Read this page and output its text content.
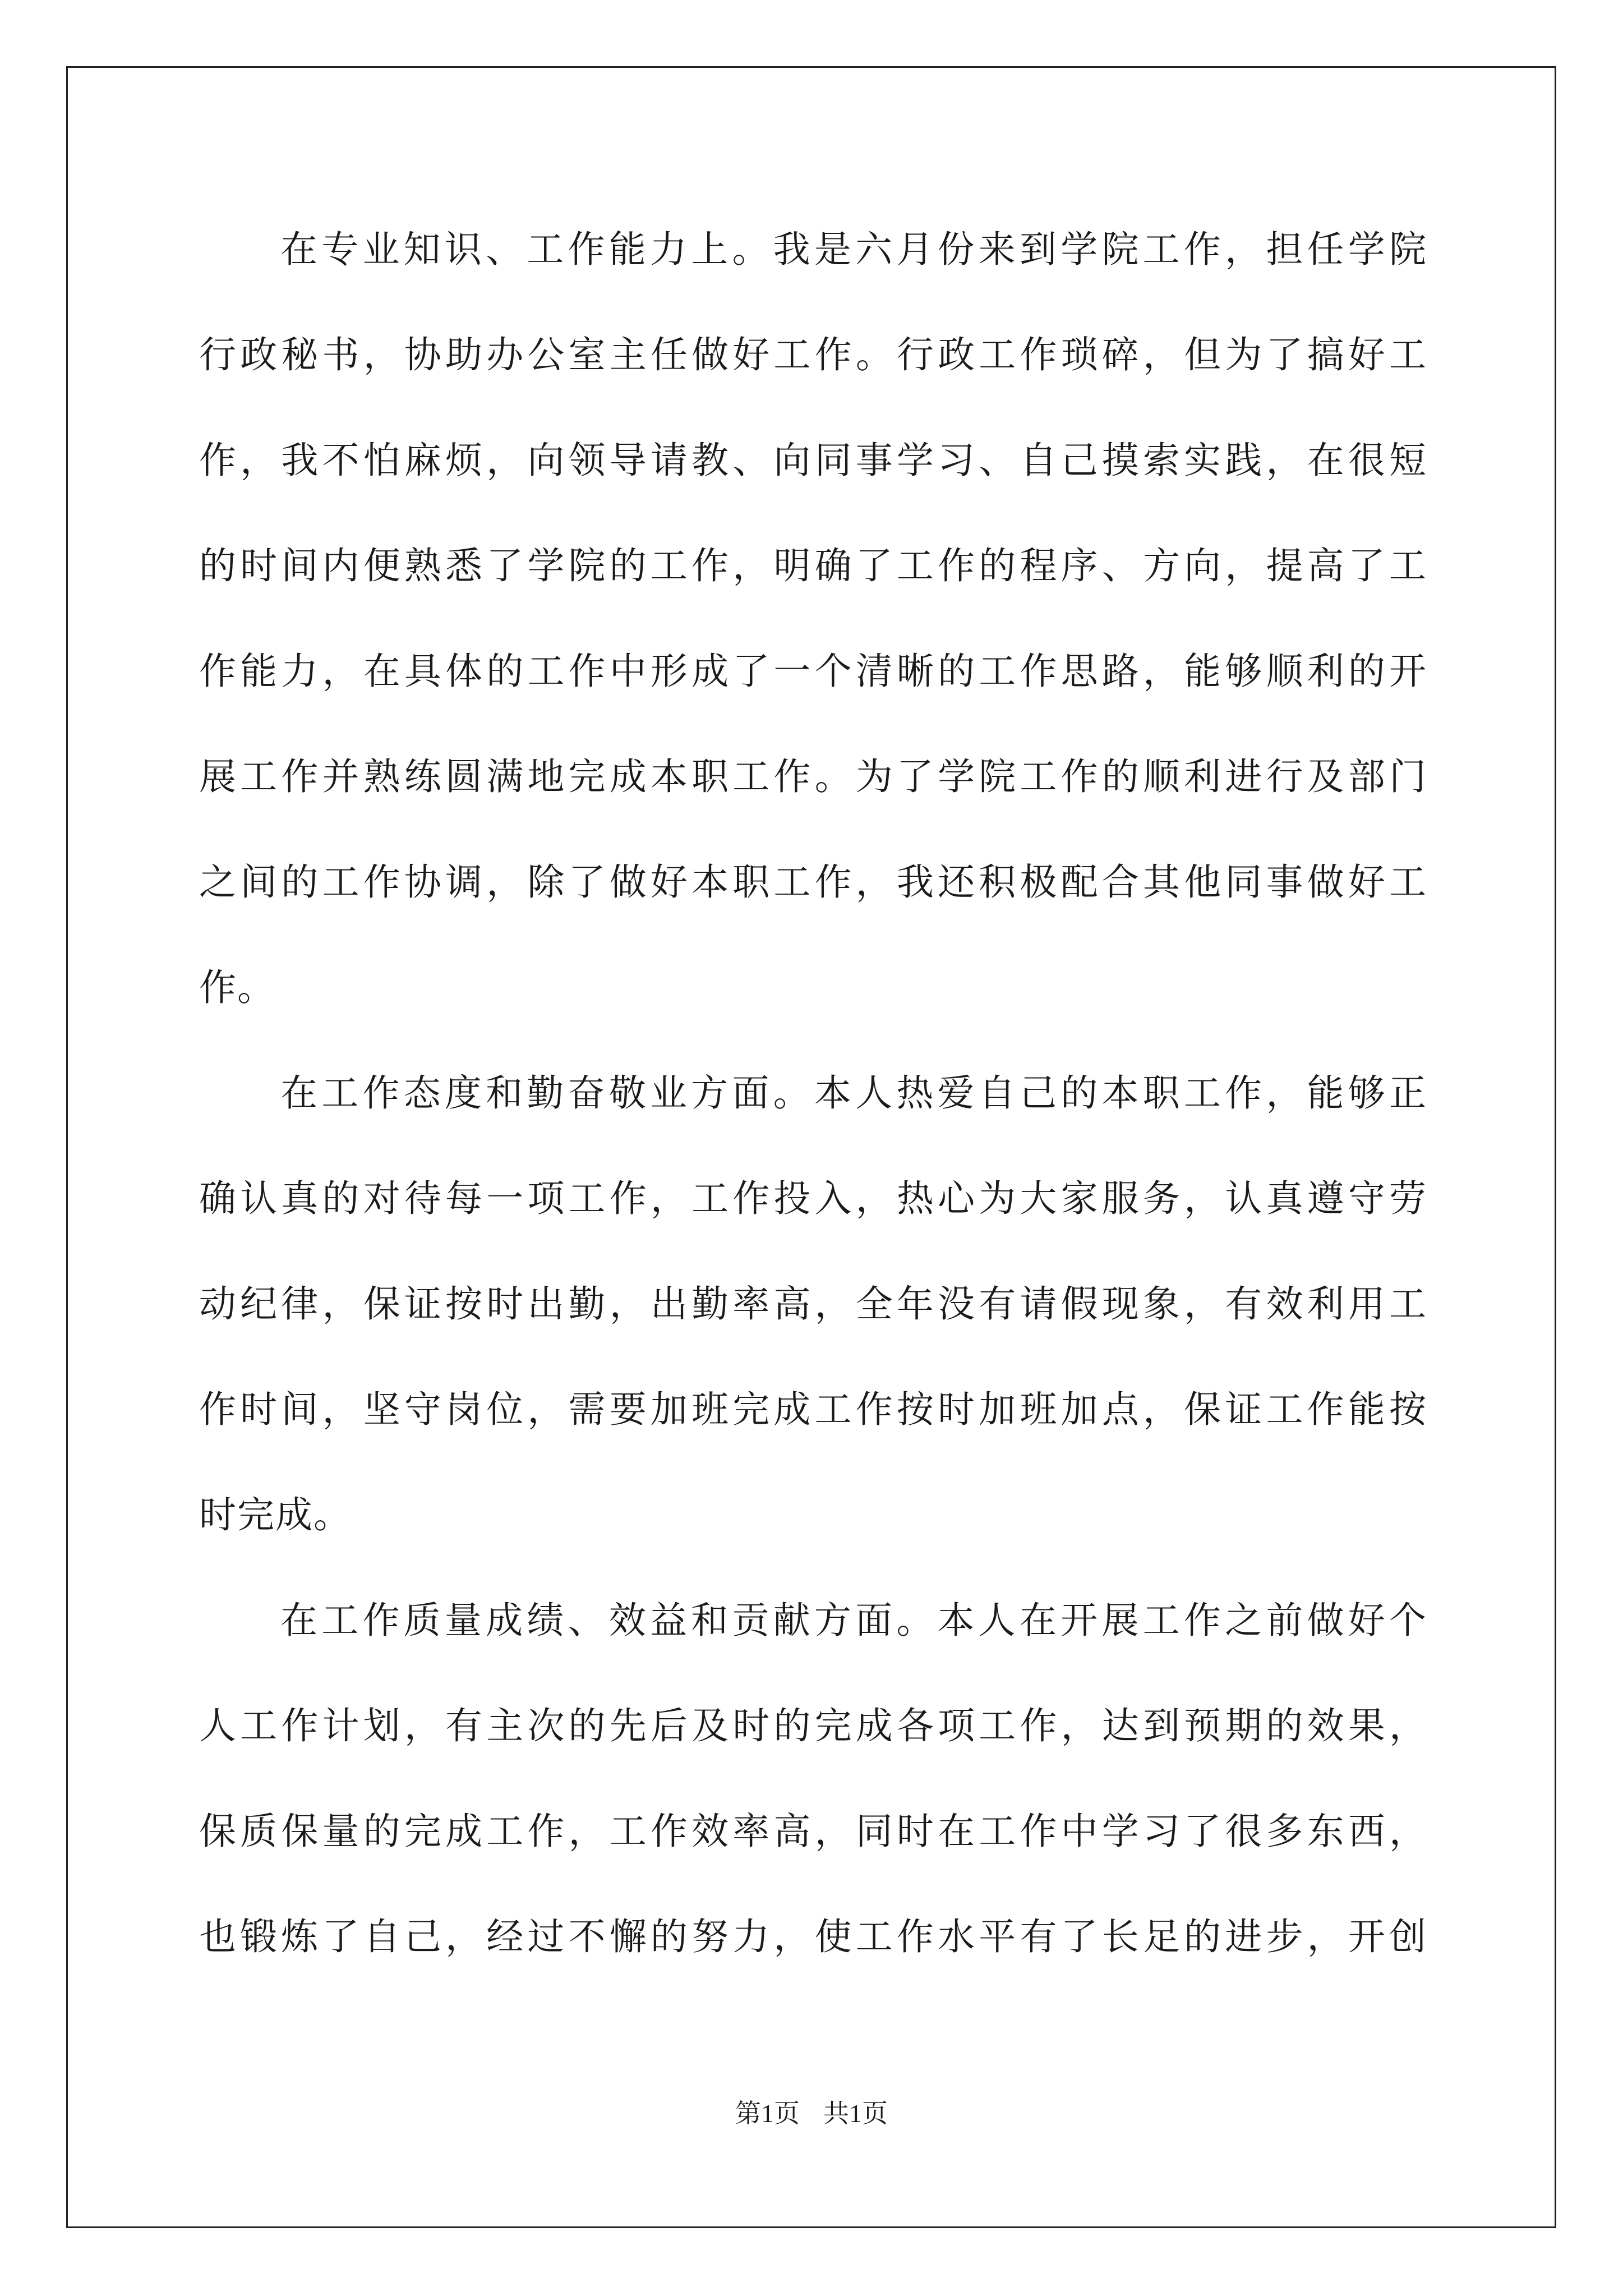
在专业知识、工作能力上。我是六月份来到学院工作，担任学院
行政秘书，协助办公室主任做好工作。行政工作琐碎，但为了搞好工
作，我不怕麻烦，向领导请教、向同事学习、自己摸索实践，在很短
的时间内便熟悉了学院的工作，明确了工作的程序、方向，提高了工
作能力，在具体的工作中形成了一个清晰的工作思路，能够顺利的开
展工作并熟练圆满地完成本职工作。为了学院工作的顺利进行及部门
之间的工作协调，除了做好本职工作，我还积极配合其他同事做好工
作。
在工作态度和勤奋敬业方面。本人热爱自己的本职工作，能够正
确认真的对待每一项工作，工作投入，热心为大家服务，认真遵守劳
动纪律，保证按时出勤，出勤率高，全年没有请假现象，有效利用工
作时间，坚守岗位，需要加班完成工作按时加班加点，保证工作能按
时完成。
在工作质量成绩、效益和贡献方面。本人在开展工作之前做好个
人工作计划，有主次的先后及时的完成各项工作，达到预期的效果，
保质保量的完成工作，工作效率高，同时在工作中学习了很多东西，
也锻炼了自己，经过不懈的努力，使工作水平有了长足的进步，开创
第1页 共1页
